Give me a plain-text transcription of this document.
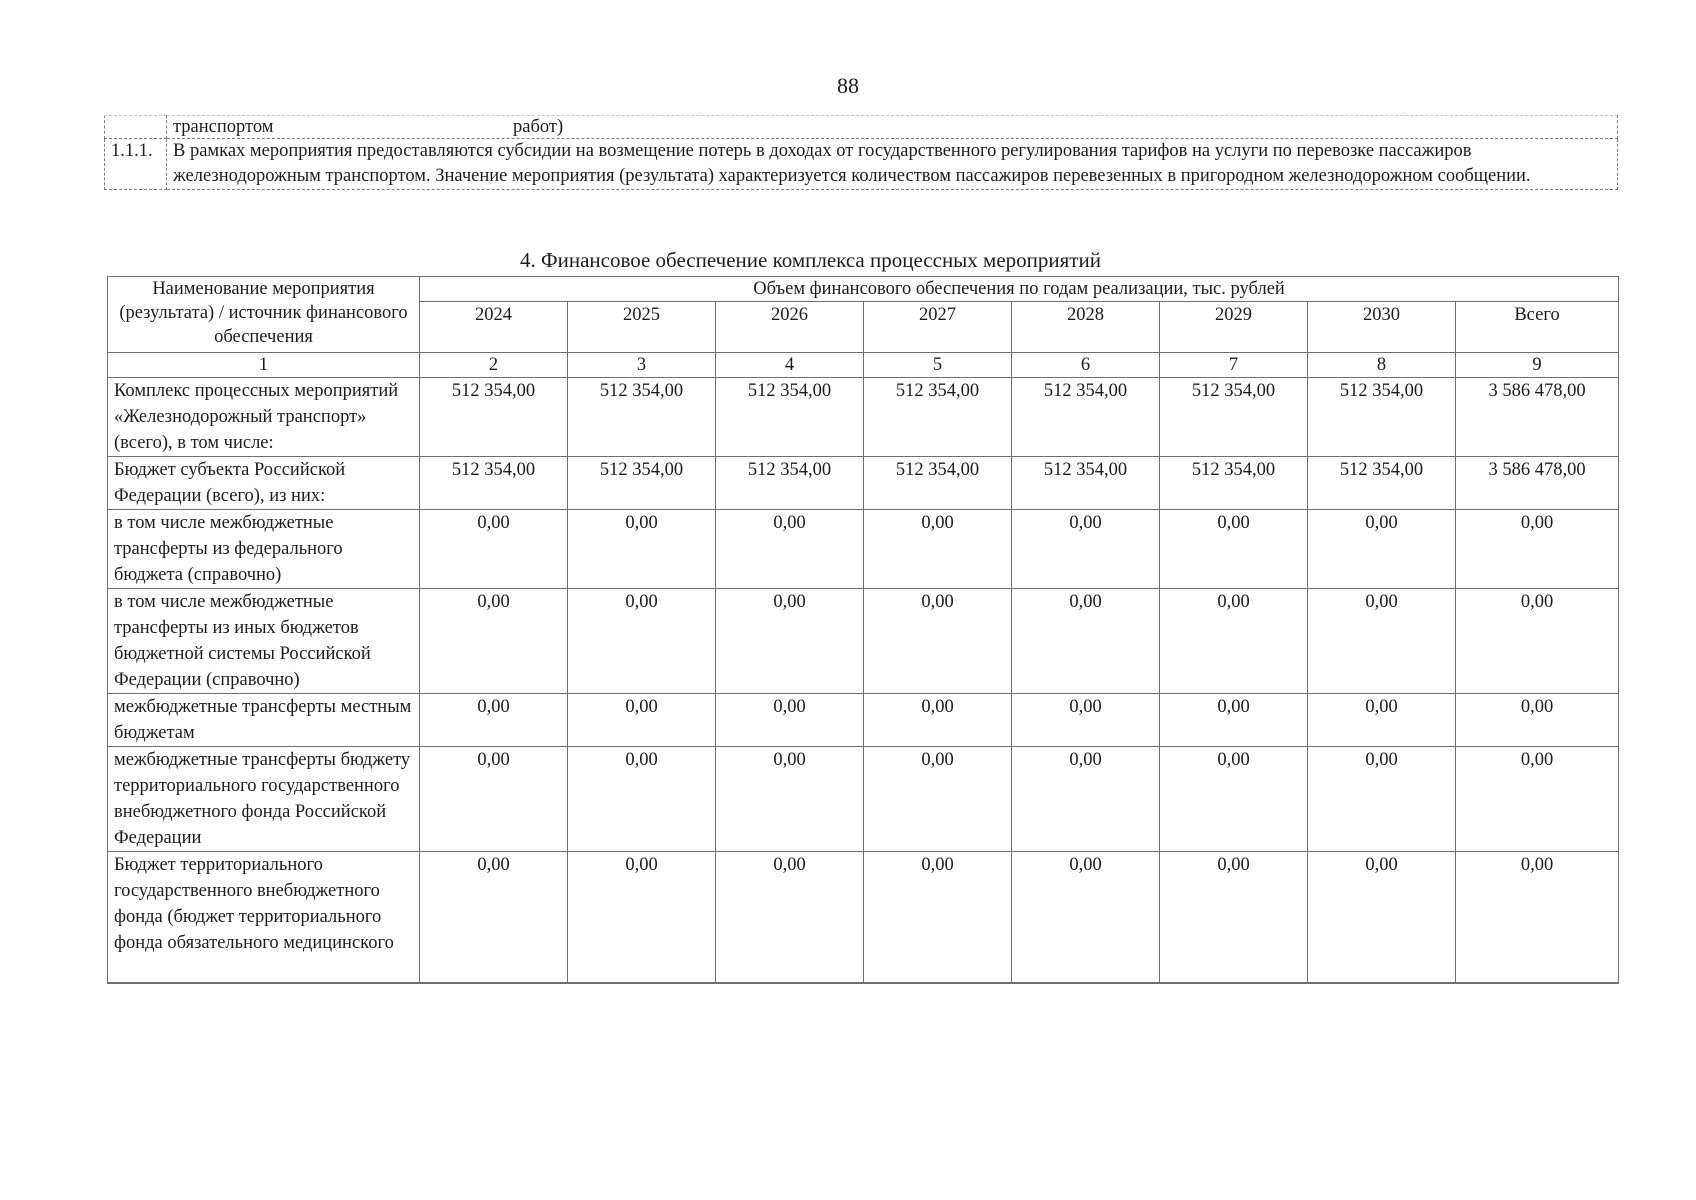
88

	транспортом работ)

1.1.1.	В рамках мероприятия предоставляются субсидии на возмещение потерь в доходах от государственного регулирования тарифов на услуги по перевозке пассажиров железнодорожным транспортом. Значение мероприятия (результата) характеризуется количеством пассажиров перевезенных в пригородном железнодорожном сообщении.
4. Финансовое обеспечение комплекса процессных мероприятий
Наименование мероприятия (результата) / источник финансового обеспечения	Объем финансового обеспечения по годам реализации, тыс. рублей							
	2024	2025	2026	2027	2028	2029	2030	Всего
1	2	3	4	5	6	7	8	9
Комплекс процессных мероприятий «Железнодорожный транспорт» (всего), в том числе:	512 354,00	512 354,00	512 354,00	512 354,00	512 354,00	512 354,00	512 354,00	3 586 478,00
Бюджет субъекта Российской Федерации (всего), из них:	512 354,00	512 354,00	512 354,00	512 354,00	512 354,00	512 354,00	512 354,00	3 586 478,00
в том числе межбюджетные трансферты из федерального бюджета (справочно)	0,00	0,00	0,00	0,00	0,00	0,00	0,00	0,00
в том числе межбюджетные трансферты из иных бюджетов бюджетной системы Российской Федерации (справочно)	0,00	0,00	0,00	0,00	0,00	0,00	0,00	0,00
межбюджетные трансферты местным бюджетам	0,00	0,00	0,00	0,00	0,00	0,00	0,00	0,00
межбюджетные трансферты бюджету территориального государственного внебюджетного фонда Российской Федерации	0,00	0,00	0,00	0,00	0,00	0,00	0,00	0,00

Бюджет территориального государственного внебюджетного фонда (бюджет территориального фонда обязательного медицинского	0,00	0,00	0,00	0,00	0,00	0,00	0,00	0,00
